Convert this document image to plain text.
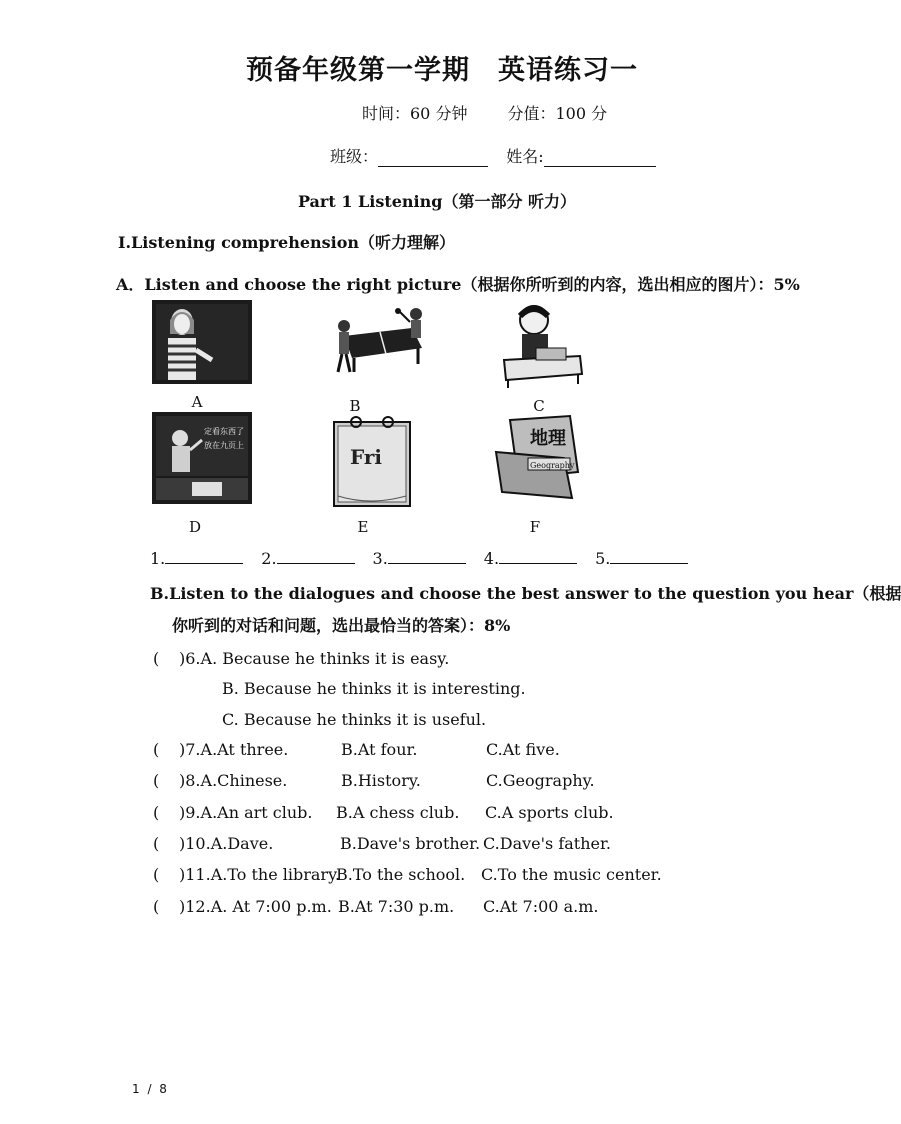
预备年级第一学期 英语练习一
时间：60 分钟	分值：100 分
班级：	姓名:
Part 1 Listening（第一部分 听力）
Ⅰ.Listening comprehension（听力理解）
A．Listen and choose the right picture（根据你所听到的内容，选出相应的图片）：5%
A	B	C
定看东西了
放在九页上
D
Fri
E
地理
Geography
F
1.	2.	3.	4.	5.
B.Listen to the dialogues and choose the best answer to the question you hear（根据
你听到的对话和问题，选出最恰当的答案）：8%
( )6.A. Because he thinks it is easy.
B. Because he thinks it is interesting.
C. Because he thinks it is useful.
( )7.A.At three.	B.At four.	C.At five.
( )8.A.Chinese.	B.History.	C.Geography.
( )9.A.An art club. B.A chess club. C.A sports club.
( )10.A.Dave.	B.Dave's brother. C.Dave's father.
( )11.A.To the library.
B.To the school. C.To the music center.
( )12.A. At 7:00 p.m. B.At 7:30 p.m. C.At 7:00 a.m.
1 / 8
